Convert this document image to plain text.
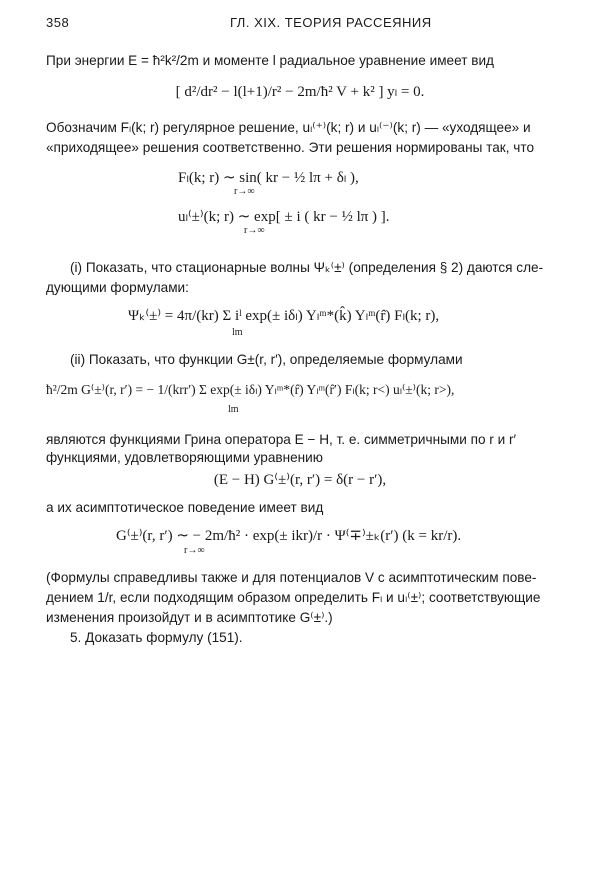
358	ГЛ. XIX. ТЕОРИЯ РАССЕЯНИЯ
При энергии E = ħ²k²/2m и моменте l радиальное уравнение имеет вид
[ d²/dr² − l(l+1)/r² − 2m/ħ² V + k² ] yₗ = 0.
Обозначим Fₗ(k; r) регулярное решение, uₗ⁽⁺⁾(k; r) и uₗ⁽⁻⁾(k; r) — «уходящее» и
«приходящее» решения соответственно. Эти решения нормированы так, что
Fₗ(k; r) ∼ sin( kr − ½ lπ + δₗ ),
r→∞
uₗ⁽±⁾(k; r) ∼ exp[ ± i ( kr − ½ lπ ) ].
r→∞
(i) Показать, что стационарные волны Ψₖ⁽±⁾ (определения § 2) даются сле-
дующими формулами:
Ψₖ⁽±⁾ = 4π/(kr) Σ iˡ exp(± iδₗ) Yₗᵐ*(k̂) Yₗᵐ(r̂) Fₗ(k; r),
lm
(ii) Показать, что функции G±(r, r′), определяемые формулами
ħ²/2m G⁽±⁾(r, r′) = − 1/(krr′) Σ exp(± iδₗ) Yₗᵐ*(r̂) Yₗᵐ(r̂′) Fₗ(k; r<) uₗ⁽±⁾(k; r>),
lm
являются функциями Грина оператора E − H, т. е. симметричными по r и r′
функциями, удовлетворяющими уравнению
(E − H) G⁽±⁾(r, r′) = δ(r − r′),
а их асимптотическое поведение имеет вид
G⁽±⁾(r, r′) ∼ − 2m/ħ² · exp(± ikr)/r · Ψ⁽∓⁾±ₖ(r′) (k = kr/r).
r→∞
(Формулы справедливы также и для потенциалов V с асимптотическим пове-
дением 1/r, если подходящим образом определить Fₗ и uₗ⁽±⁾; соответствующие
изменения произойдут и в асимптотике G⁽±⁾.)
5. Доказать формулу (151).
